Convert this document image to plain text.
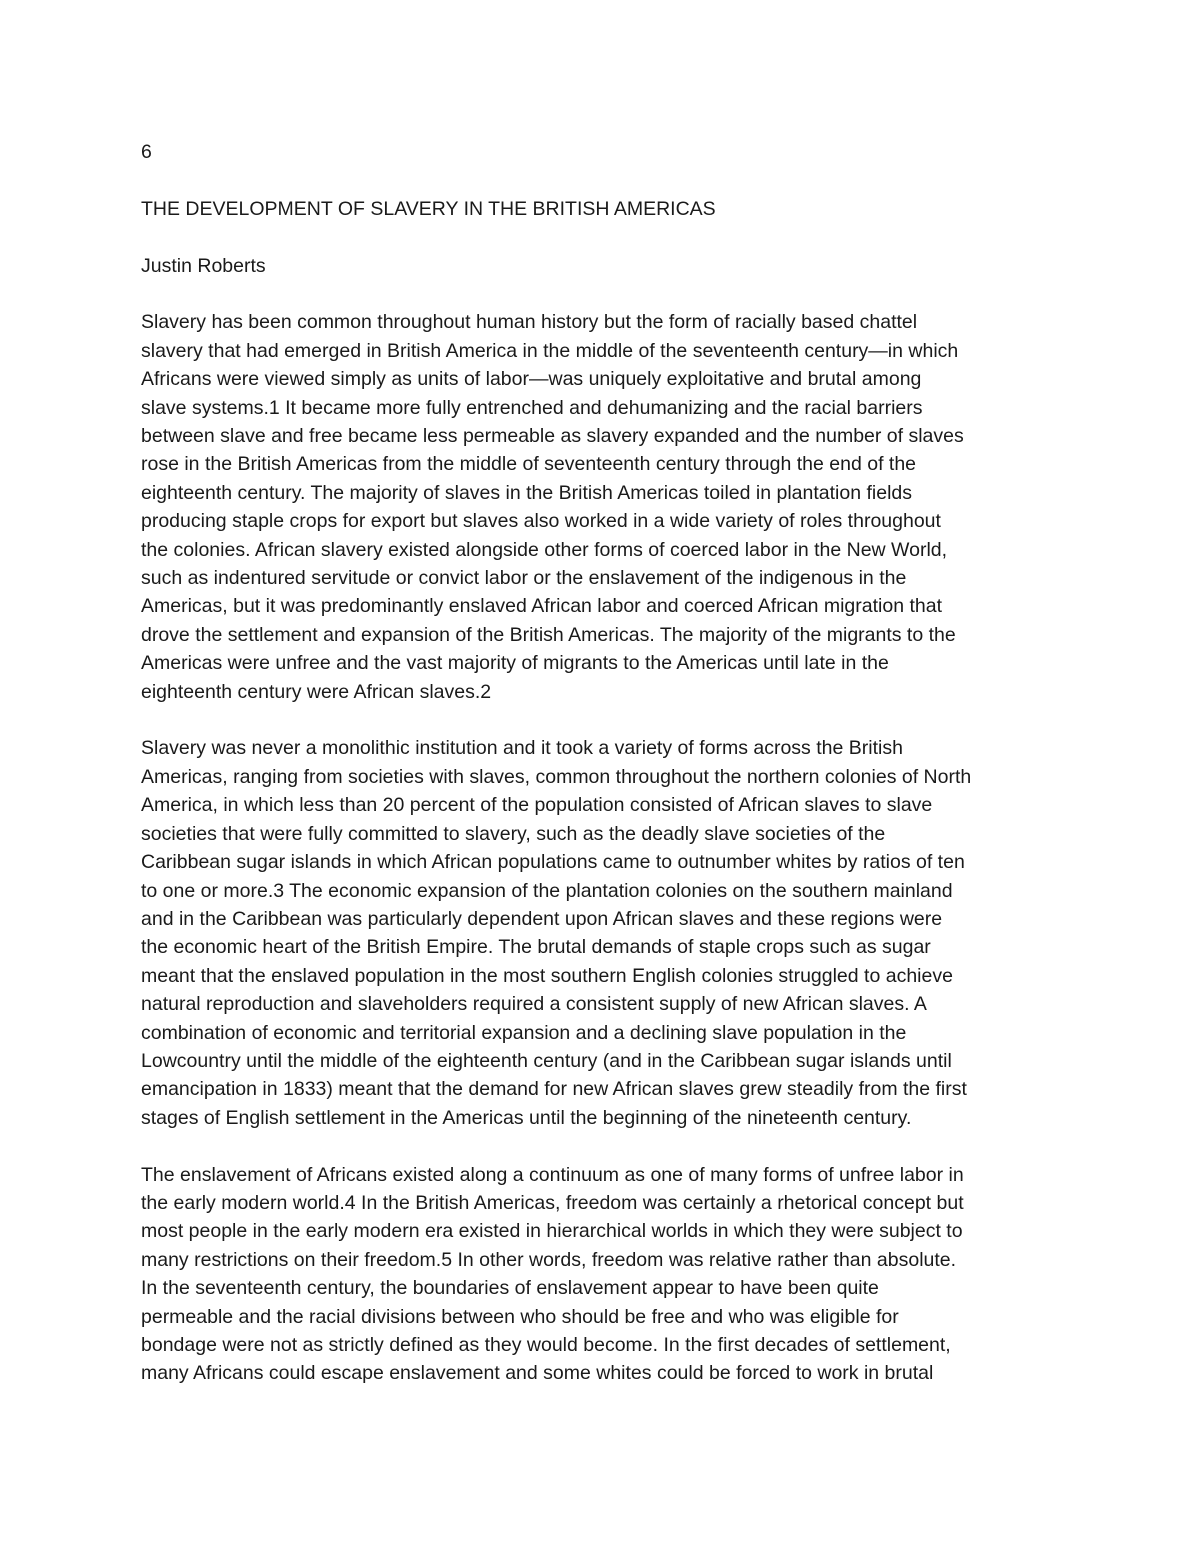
6

THE DEVELOPMENT OF SLAVERY IN THE BRITISH AMERICAS

Justin Roberts

Slavery has been common throughout human history but the form of racially based chattel
slavery that had emerged in British America in the middle of the seventeenth century—in which
Africans were viewed simply as units of labor—was uniquely exploitative and brutal among
slave systems.1 It became more fully entrenched and dehumanizing and the racial barriers
between slave and free became less permeable as slavery expanded and the number of slaves
rose in the British Americas from the middle of seventeenth century through the end of the
eighteenth century. The majority of slaves in the British Americas toiled in plantation fields
producing staple crops for export but slaves also worked in a wide variety of roles throughout
the colonies. African slavery existed alongside other forms of coerced labor in the New World,
such as indentured servitude or convict labor or the enslavement of the indigenous in the
Americas, but it was predominantly enslaved African labor and coerced African migration that
drove the settlement and expansion of the British Americas. The majority of the migrants to the
Americas were unfree and the vast majority of migrants to the Americas until late in the
eighteenth century were African slaves.2

Slavery was never a monolithic institution and it took a variety of forms across the British
Americas, ranging from societies with slaves, common throughout the northern colonies of North
America, in which less than 20 percent of the population consisted of African slaves to slave
societies that were fully committed to slavery, such as the deadly slave societies of the
Caribbean sugar islands in which African populations came to outnumber whites by ratios of ten
to one or more.3 The economic expansion of the plantation colonies on the southern mainland
and in the Caribbean was particularly dependent upon African slaves and these regions were
the economic heart of the British Empire. The brutal demands of staple crops such as sugar
meant that the enslaved population in the most southern English colonies struggled to achieve
natural reproduction and slaveholders required a consistent supply of new African slaves. A
combination of economic and territorial expansion and a declining slave population in the
Lowcountry until the middle of the eighteenth century (and in the Caribbean sugar islands until
emancipation in 1833) meant that the demand for new African slaves grew steadily from the first
stages of English settlement in the Americas until the beginning of the nineteenth century.

The enslavement of Africans existed along a continuum as one of many forms of unfree labor in
the early modern world.4 In the British Americas, freedom was certainly a rhetorical concept but
most people in the early modern era existed in hierarchical worlds in which they were subject to
many restrictions on their freedom.5 In other words, freedom was relative rather than absolute.
In the seventeenth century, the boundaries of enslavement appear to have been quite
permeable and the racial divisions between who should be free and who was eligible for
bondage were not as strictly defined as they would become. In the first decades of settlement,
many Africans could escape enslavement and some whites could be forced to work in brutal
